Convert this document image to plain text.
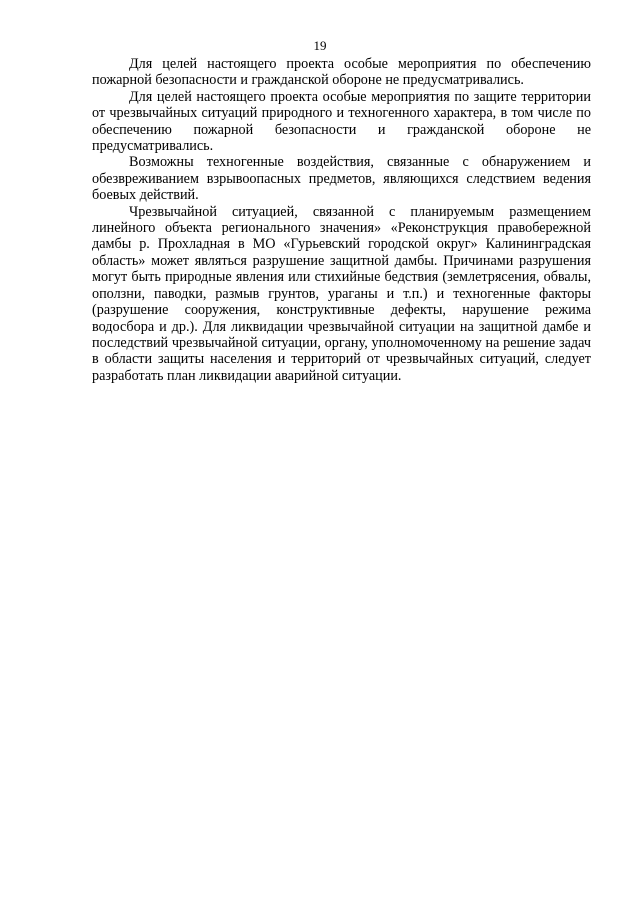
19

Для целей настоящего проекта особые мероприятия по обеспечению пожарной безопасности и гражданской обороне не предусматривались.

Для целей настоящего проекта особые мероприятия по защите территории от чрезвычайных ситуаций природного и техногенного характера, в том числе по обеспечению пожарной безопасности и гражданской обороне не предусматривались.

Возможны техногенные воздействия, связанные с обнаружением и обезвреживанием взрывоопасных предметов, являющихся следствием ведения боевых действий.

Чрезвычайной ситуацией, связанной с планируемым размещением линейного объекта регионального значения» «Реконструкция правобережной дамбы р. Прохладная в МО «Гурьевский городской округ» Калининградская область» может являться разрушение защитной дамбы. Причинами разрушения могут быть природные явления или стихийные бедствия (землетрясения, обвалы, оползни, паводки, размыв грунтов, ураганы и т.п.) и техногенные факторы (разрушение сооружения, конструктивные дефекты, нарушение режима водосбора и др.). Для ликвидации чрезвычайной ситуации на защитной дамбе и последствий чрезвычайной ситуации, органу, уполномоченному на решение задач в области защиты населения и территорий от чрезвычайных ситуаций, следует разработать план ликвидации аварийной ситуации.
